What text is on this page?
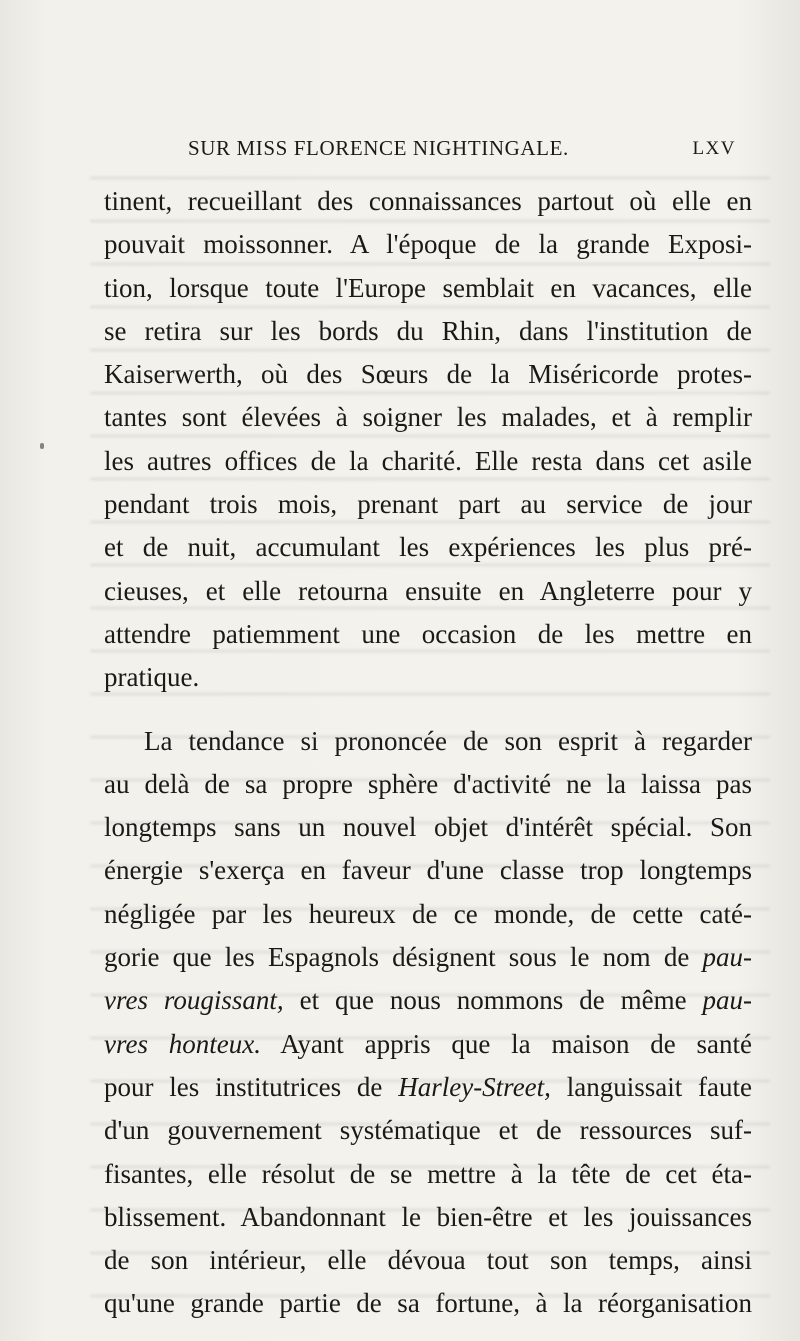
SUR MISS FLORENCE NIGHTINGALE.	LXV
tinent, recueillant des connaissances partout où elle en
pouvait moissonner. A l'époque de la grande Exposi-
tion, lorsque toute l'Europe semblait en vacances, elle
se retira sur les bords du Rhin, dans l'institution de
Kaiserwerth, où des Sœurs de la Miséricorde protes-
tantes sont élevées à soigner les malades, et à remplir
les autres offices de la charité. Elle resta dans cet asile
pendant trois mois, prenant part au service de jour
et de nuit, accumulant les expériences les plus pré-
cieuses, et elle retourna ensuite en Angleterre pour y
attendre patiemment une occasion de les mettre en
pratique.
La tendance si prononcée de son esprit à regarder
au delà de sa propre sphère d'activité ne la laissa pas
longtemps sans un nouvel objet d'intérêt spécial. Son
énergie s'exerça en faveur d'une classe trop longtemps
négligée par les heureux de ce monde, de cette caté-
gorie que les Espagnols désignent sous le nom de pau-
vres rougissant, et que nous nommons de même pau-
vres honteux. Ayant appris que la maison de santé
pour les institutrices de Harley-Street, languissait faute
d'un gouvernement systématique et de ressources suf-
fisantes, elle résolut de se mettre à la tête de cet éta-
blissement. Abandonnant le bien-être et les jouissances
de son intérieur, elle dévoua tout son temps, ainsi
qu'une grande partie de sa fortune, à la réorganisation
